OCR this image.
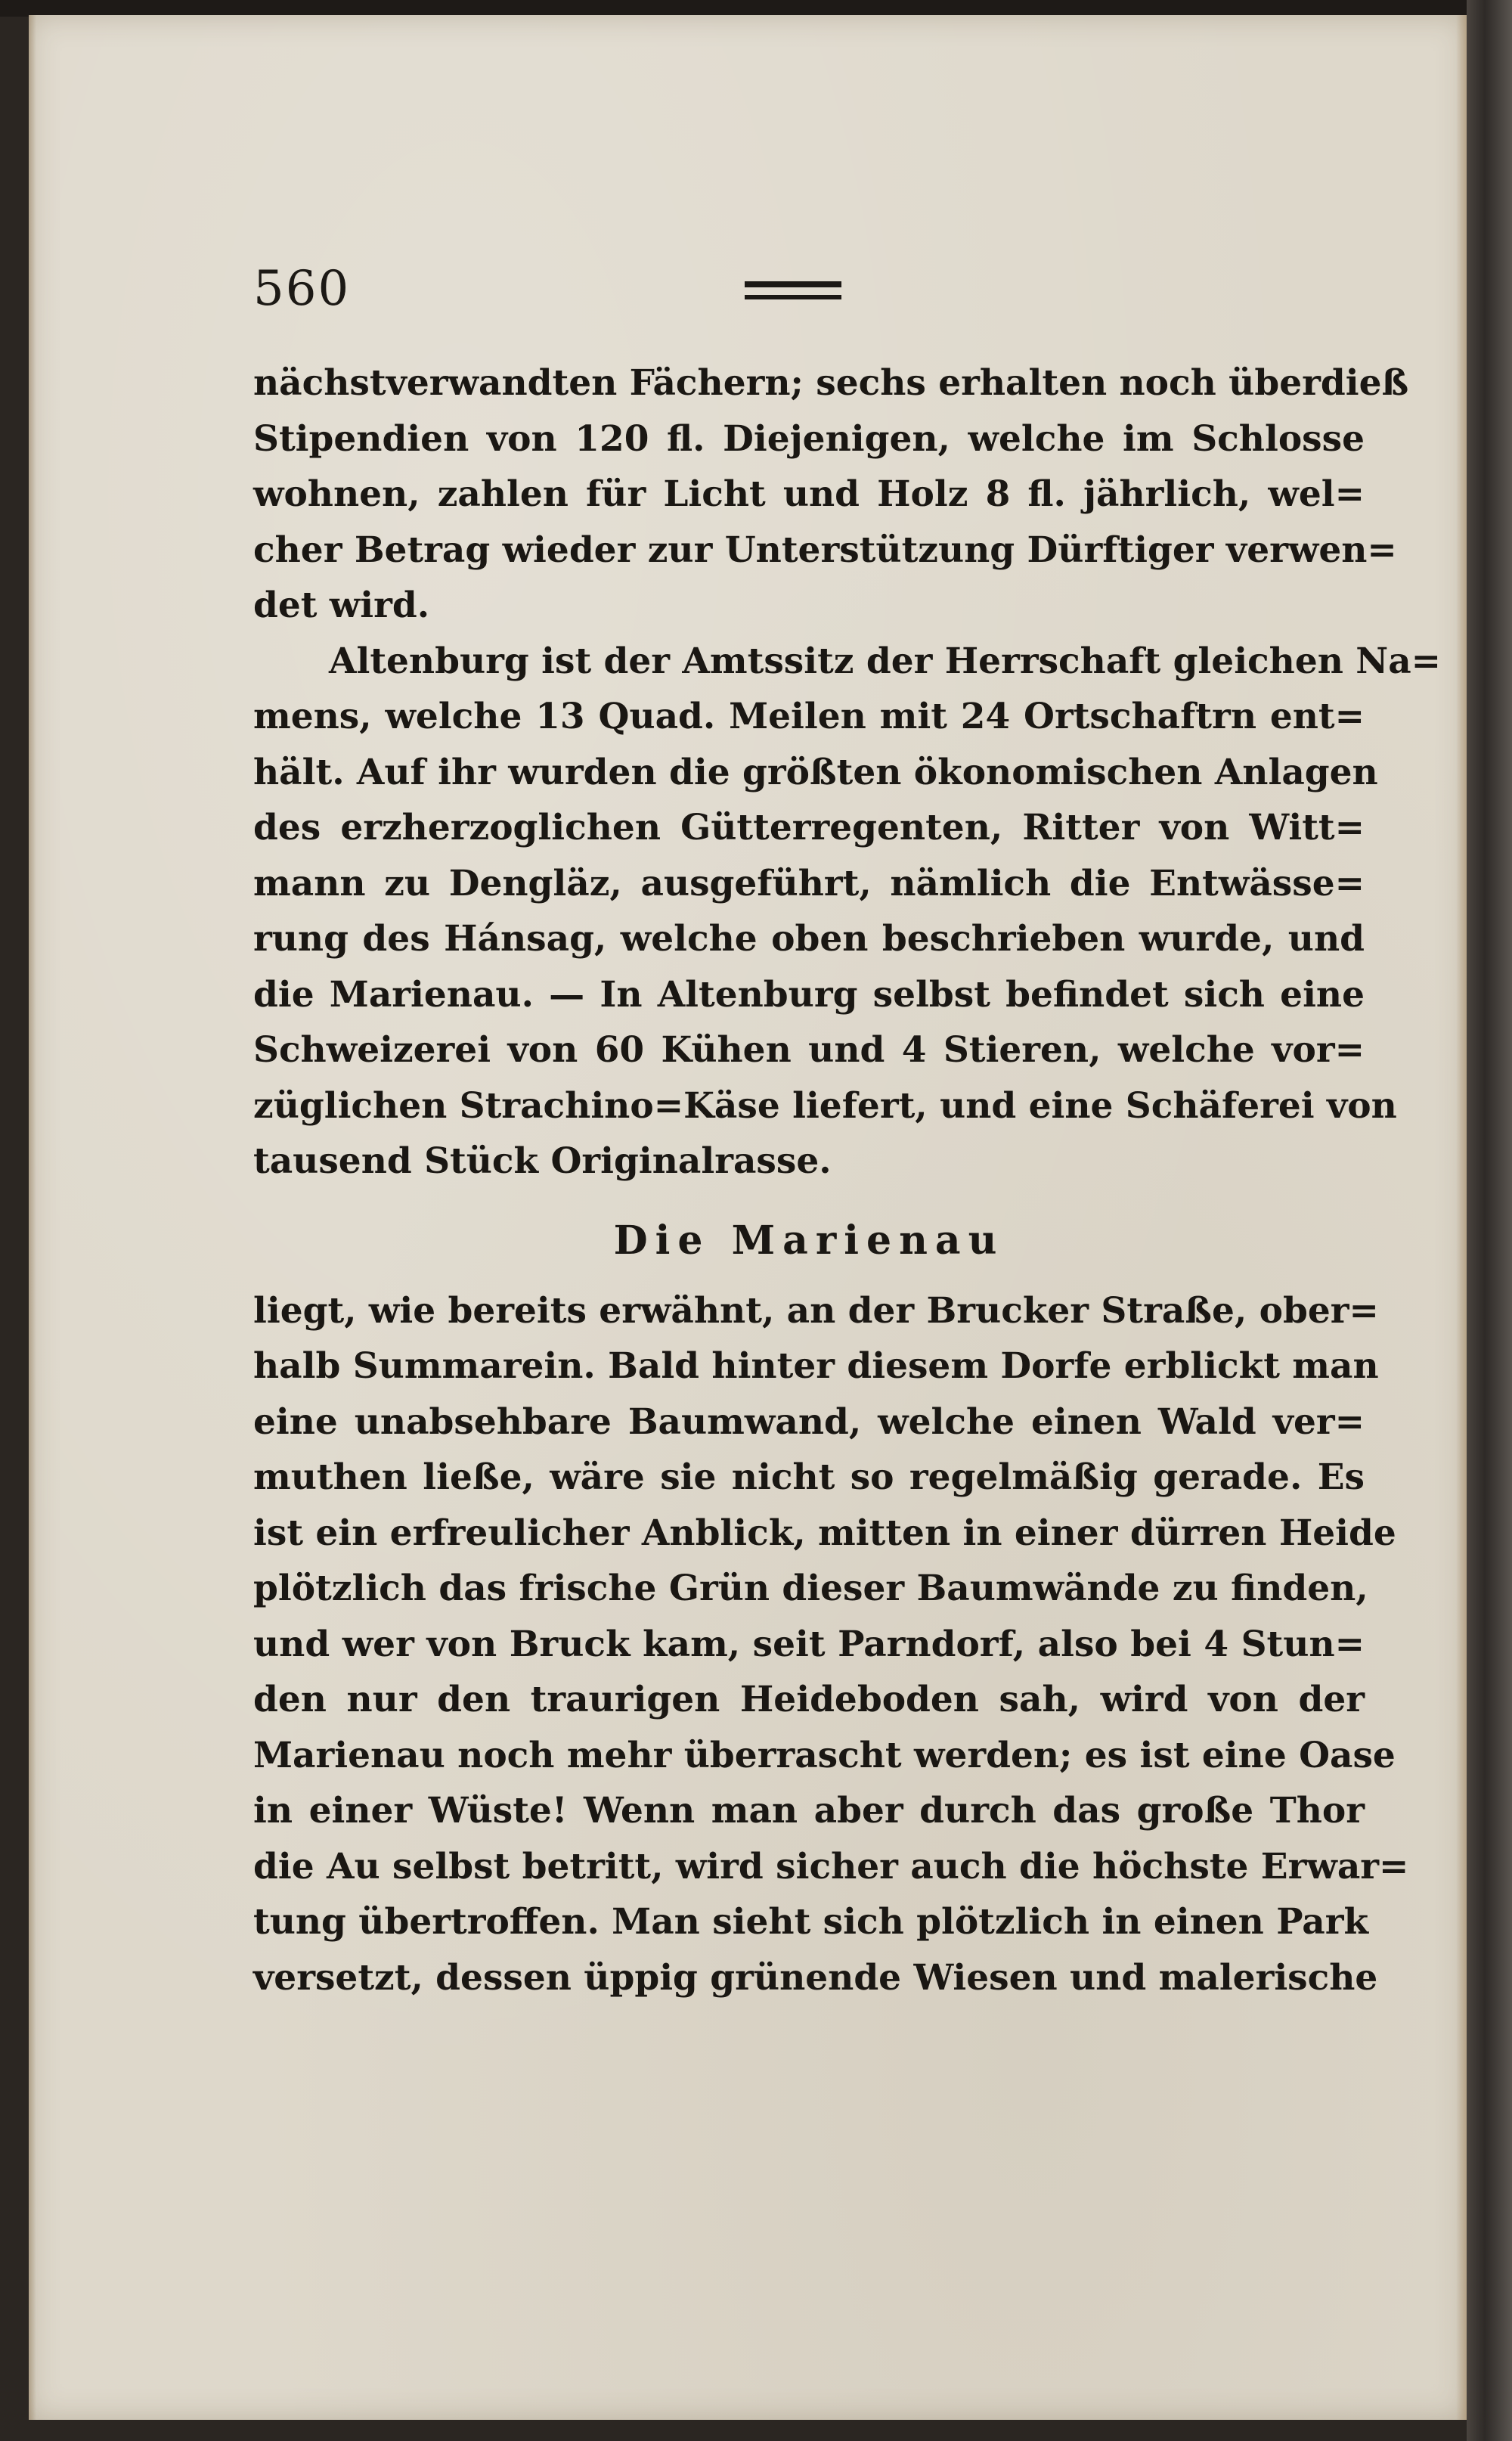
560
nächstverwandten Fächern; sechs erhalten noch überdieß
Stipendien von 120 fl. Diejenigen, welche im Schlosse
wohnen, zahlen für Licht und Holz 8 fl. jährlich, wel=
cher Betrag wieder zur Unterstützung Dürftiger verwen=
det wird.
Altenburg ist der Amtssitz der Herrschaft gleichen Na=
mens, welche 13 Quad. Meilen mit 24 Ortschaftrn ent=
hält. Auf ihr wurden die größten ökonomischen Anlagen
des erzherzoglichen Gütterregenten, Ritter von Witt=
mann zu Dengläz, ausgeführt, nämlich die Entwässe=
rung des Hánsag, welche oben beschrieben wurde, und
die Marienau. — In Altenburg selbst befindet sich eine
Schweizerei von 60 Kühen und 4 Stieren, welche vor=
züglichen Strachino=Käse liefert, und eine Schäferei von
tausend Stück Originalrasse.
Die Marienau
liegt, wie bereits erwähnt, an der Brucker Straße, ober=
halb Summarein. Bald hinter diesem Dorfe erblickt man
eine unabsehbare Baumwand, welche einen Wald ver=
muthen ließe, wäre sie nicht so regelmäßig gerade. Es
ist ein erfreulicher Anblick, mitten in einer dürren Heide
plötzlich das frische Grün dieser Baumwände zu finden,
und wer von Bruck kam, seit Parndorf, also bei 4 Stun=
den nur den traurigen Heideboden sah, wird von der
Marienau noch mehr überrascht werden; es ist eine Oase
in einer Wüste! Wenn man aber durch das große Thor
die Au selbst betritt, wird sicher auch die höchste Erwar=
tung übertroffen. Man sieht sich plötzlich in einen Park
versetzt, dessen üppig grünende Wiesen und malerische
